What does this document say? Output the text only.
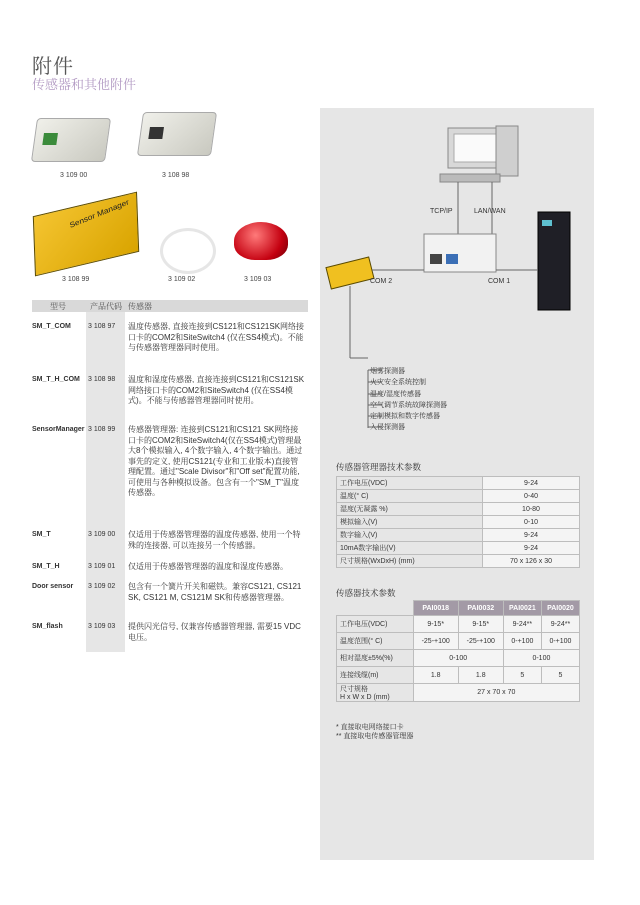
附件
传感器和其他附件
3 109 00	3 108 98
Sensor Manager
3 108 99	3 109 02	3 109 03
型号	产品代码 传感器
SM_T_COM 3 108 97 温度传感器, 直接连接到CS121和CS121SK网络接口卡的COM2和SiteSwitch4 (仅在SS4模式)。不能与传感器管理器同时使用。
SM_T_H_COM 3 108 98 温度和湿度传感器, 直接连接到CS121和CS121SK网络接口卡的COM2和SiteSwitch4 (仅在SS4模式)。不能与传感器管理器同时使用。
SensorManager 3 108 99 传感器管理器: 连接到CS121和CS121 SK网络接口卡的COM2和SiteSwitch4(仅在SS4模式)管理最大8个模拟输入, 4个数字输入, 4个数字输出。通过事先的定义, 使用CS121(专业和工业版本)直接管理配置。通过"Scale Divisor"和"Off set"配置功能, 可使用与各种模拟设备。包含有一个"SM_T"温度传感器。
SM_T	3 109 00 仅适用于传感器管理器的温度传感器, 使用一个特殊的连接器, 可以连接另一个传感器。
SM_T_H	3 109 01 仅适用于传感器管理器的温度和湿度传感器。
Door sensor 3 109 02 包含有一个簧片开关和磁铁。兼容CS121, CS121 SK, CS121 M, CS121M SK和传感器管理器。
SM_flash	3 109 03 提供闪光信号, 仅兼容传感器管理器, 需要15 VDC电压。
TCP/IP	LAN/WAN
COM 2	COM 1
烟雾探测器
火灾安全系统控制
温度/湿度传感器
空气调节系统故障探测器
定制模拟和数字传感器
入侵探测器
传感器管理器技术参数
工作电压(VDC)	9-24
温度(° C)	0-40
湿度(无凝露 %)	10-80
模拟输入(V)	0-10
数字输入(V)	9-24
10mA数字输出(V)	9-24
尺寸规格(WxDxH) (mm)	70 x 126 x 30
传感器技术参数
	PAI0018	PAI0032	PAI0021	PAI0020
工作电压(VDC)	9-15*	9-15*	9-24**	9-24**
温度范围(° C)	-25-+100	-25-+100	0-+100	0-+100
相对湿度±5%(%)	0-100		0-100	
连接线缆(m)	1.8	1.8	5	5
尺寸规格
H x W x D (mm)	27 x 70 x 70			
* 直接取电网络接口卡
** 直接取电传感器管理器
